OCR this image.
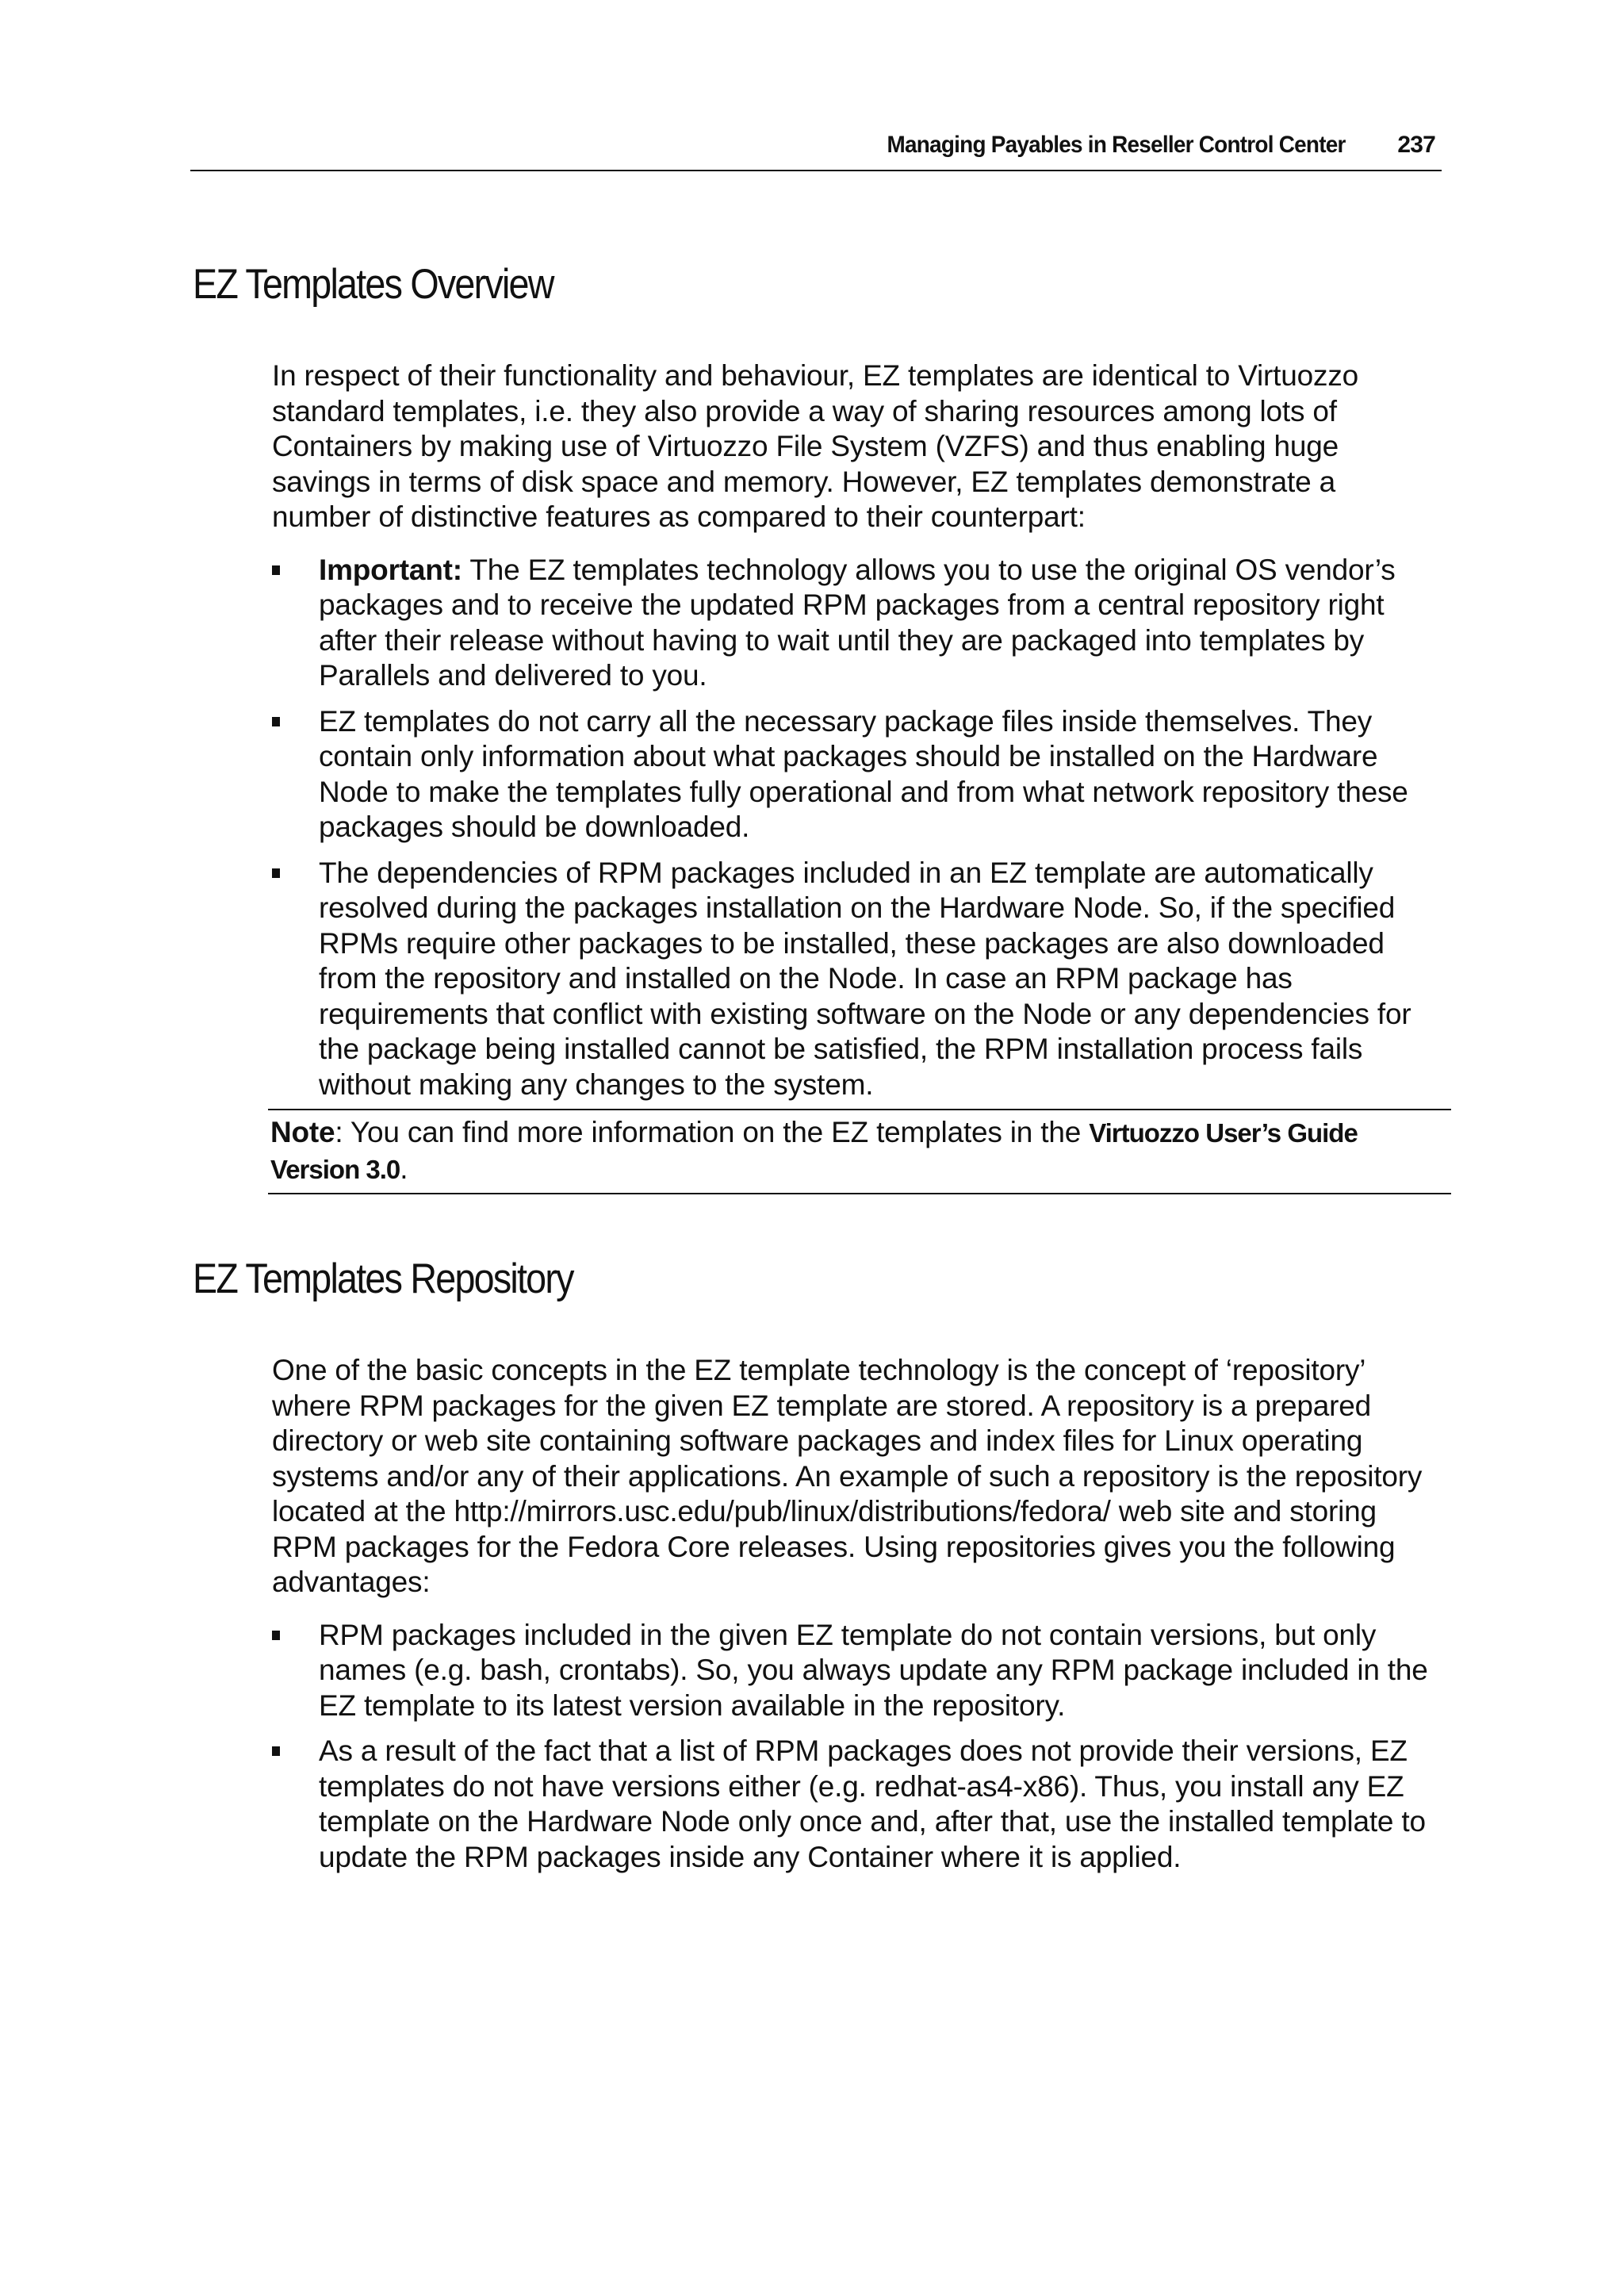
Managing Payables in Reseller Control Center 237
EZ Templates Overview

In respect of their functionality and behaviour, EZ templates are identical to Virtuozzo standard templates, i.e. they also provide a way of sharing resources among lots of Containers by making use of Virtuozzo File System (VZFS) and thus enabling huge savings in terms of disk space and memory. However, EZ templates demonstrate a number of distinctive features as compared to their counterpart:

Important: The EZ templates technology allows you to use the original OS vendor’s packages and to receive the updated RPM packages from a central repository right after their release without having to wait until they are packaged into templates by Parallels and delivered to you.
EZ templates do not carry all the necessary package files inside themselves. They contain only information about what packages should be installed on the Hardware Node to make the templates fully operational and from what network repository these packages should be downloaded.
The dependencies of RPM packages included in an EZ template are automatically resolved during the packages installation on the Hardware Node. So, if the specified RPMs require other packages to be installed, these packages are also downloaded from the repository and installed on the Node. In case an RPM package has requirements that conflict with existing software on the Node or any dependencies for the package being installed cannot be satisfied, the RPM installation process fails without making any changes to the system.
Note: You can find more information on the EZ templates in the Virtuozzo User’s Guide Version 3.0.
EZ Templates Repository

One of the basic concepts in the EZ template technology is the concept of ‘repository’ where RPM packages for the given EZ template are stored. A repository is a prepared directory or web site containing software packages and index files for Linux operating systems and/or any of their applications. An example of such a repository is the repository located at the http://mirrors.usc.edu/pub/linux/distributions/fedora/ web site and storing RPM packages for the Fedora Core releases. Using repositories gives you the following advantages:

RPM packages included in the given EZ template do not contain versions, but only names (e.g. bash, crontabs). So, you always update any RPM package included in the EZ template to its latest version available in the repository.
As a result of the fact that a list of RPM packages does not provide their versions, EZ templates do not have versions either (e.g. redhat-as4-x86). Thus, you install any EZ template on the Hardware Node only once and, after that, use the installed template to update the RPM packages inside any Container where it is applied.
